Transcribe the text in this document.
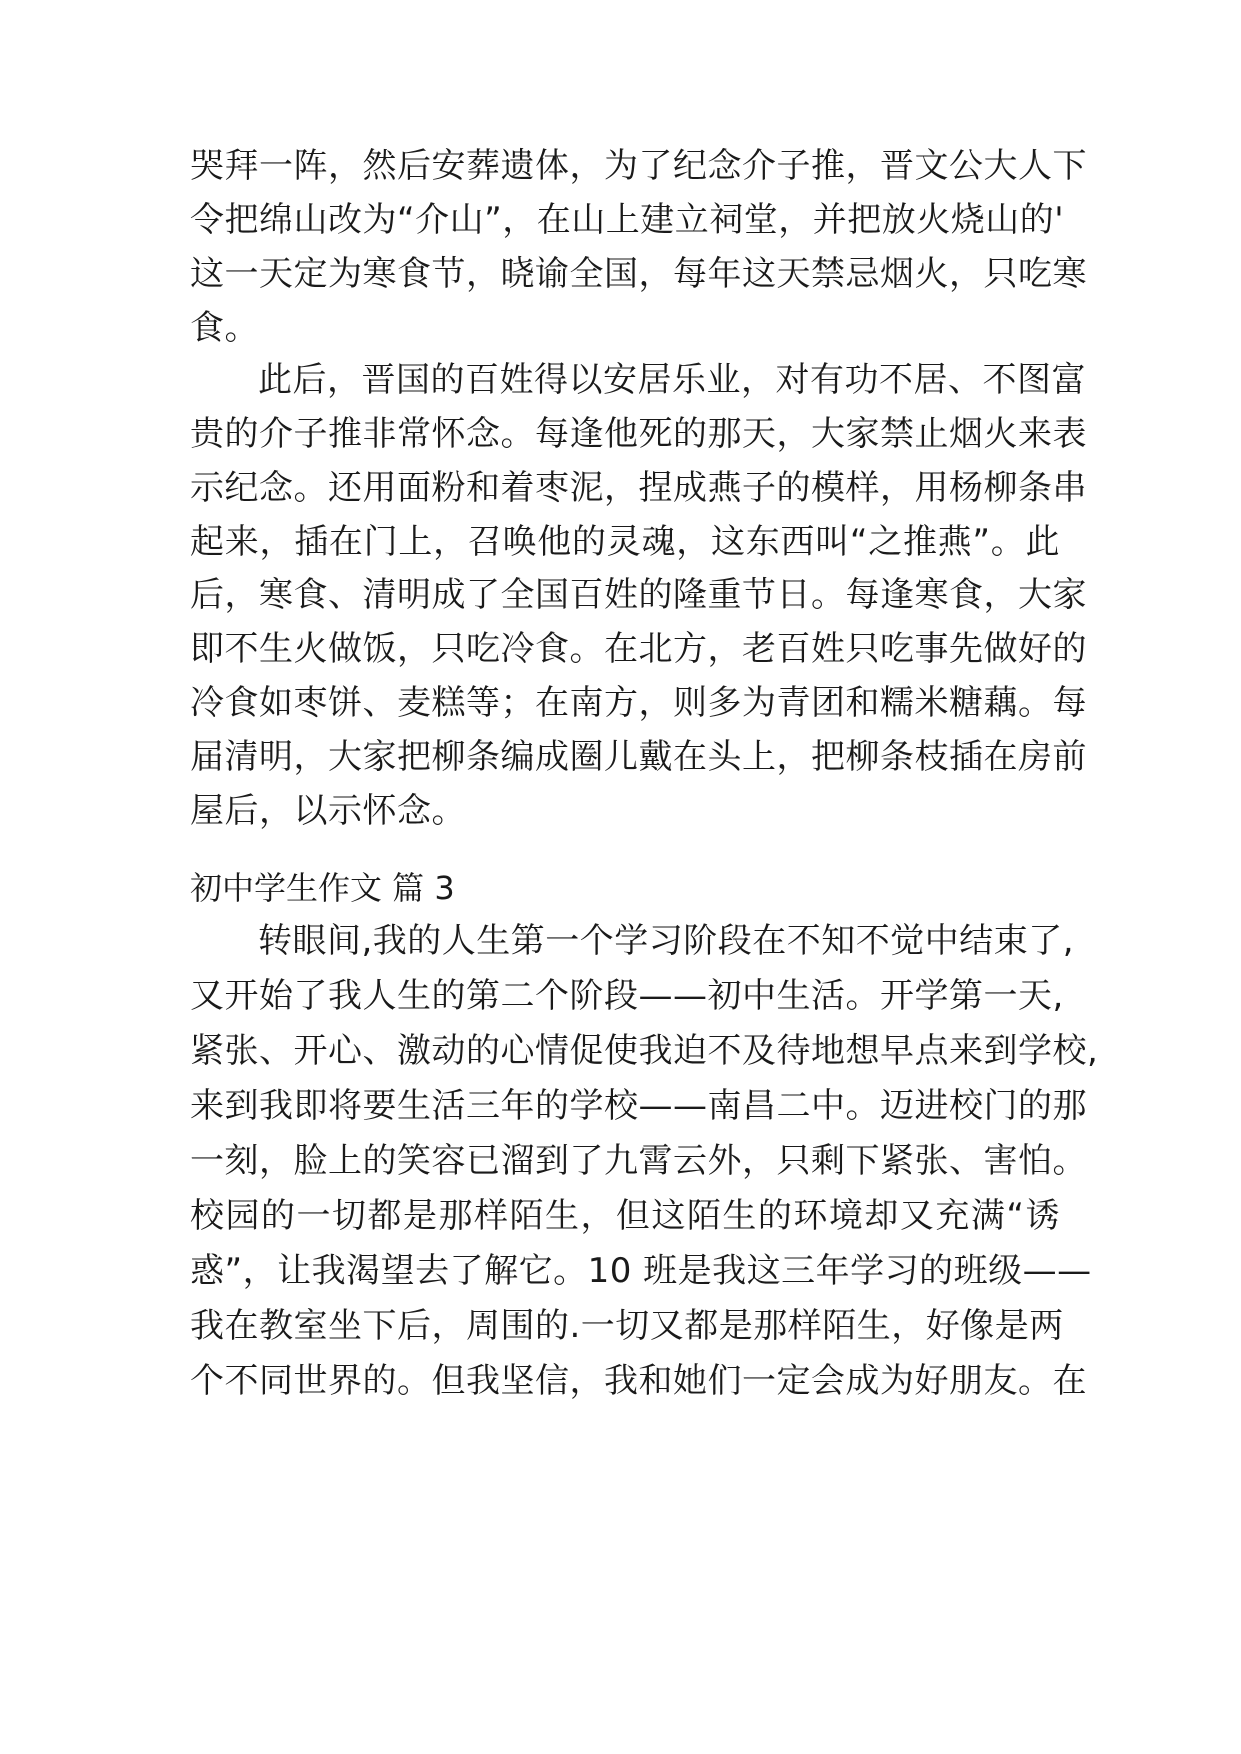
哭拜一阵，然后安葬遗体，为了纪念介子推，晋文公大人下
令把绵山改为“介山”，在山上建立祠堂，并把放火烧山的'
这一天定为寒食节，晓谕全国，每年这天禁忌烟火，只吃寒
食。
此后，晋国的百姓得以安居乐业，对有功不居、不图富
贵的介子推非常怀念。每逢他死的那天，大家禁止烟火来表
示纪念。还用面粉和着枣泥，捏成燕子的模样，用杨柳条串
起来，插在门上，召唤他的灵魂，这东西叫“之推燕”。此
后，寒食、清明成了全国百姓的隆重节日。每逢寒食，大家
即不生火做饭，只吃冷食。在北方，老百姓只吃事先做好的
冷食如枣饼、麦糕等；在南方，则多为青团和糯米糖藕。每
届清明，大家把柳条编成圈儿戴在头上，把柳条枝插在房前
屋后，以示怀念。
初中学生作文 篇 3
转眼间,我的人生第一个学习阶段在不知不觉中结束了,
又开始了我人生的第二个阶段——初中生活。开学第一天,
紧张、开心、激动的心情促使我迫不及待地想早点来到学校,
来到我即将要生活三年的学校——南昌二中。迈进校门的那
一刻，脸上的笑容已溜到了九霄云外，只剩下紧张、害怕。
校园的一切都是那样陌生，但这陌生的环境却又充满“诱
惑”，让我渴望去了解它。10 班是我这三年学习的班级——
我在教室坐下后，周围的.一切又都是那样陌生，好像是两
个不同世界的。但我坚信，我和她们一定会成为好朋友。在
